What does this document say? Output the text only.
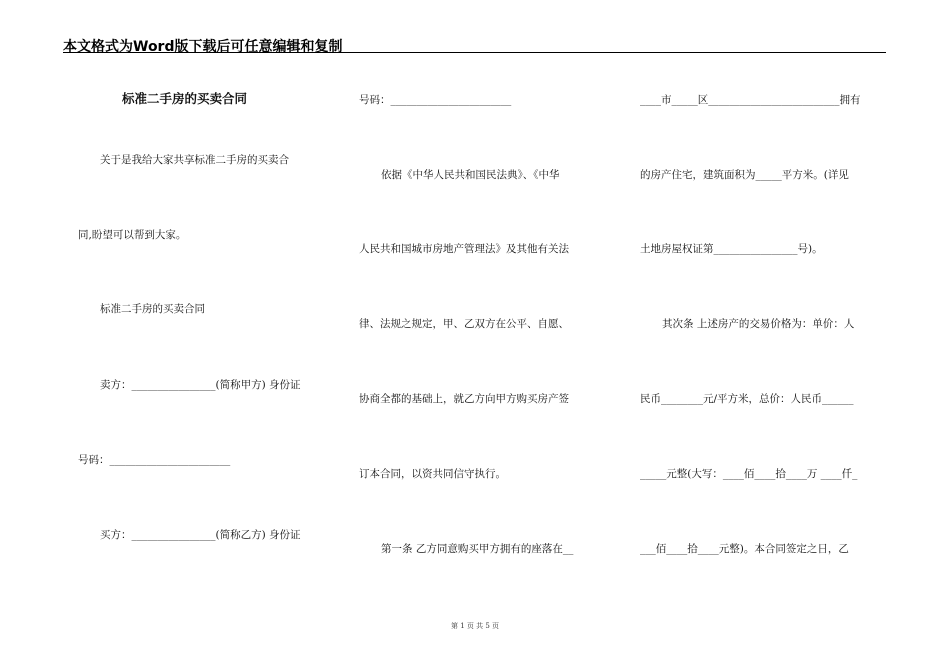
本文格式为Word版下载后可任意编辑和复制
标准二手房的买卖合同
关于是我给大家共享标准二手房的买卖合
同,盼望可以帮到大家。
标准二手房的买卖合同
卖方：________________(简称甲方) 身份证
号码：_______________________
买方：________________(简称乙方) 身份证
号码：_______________________
依据《中华人民共和国民法典》、《中华
人民共和国城市房地产管理法》及其他有关法
律、法规之规定，甲、乙双方在公平、自愿、
协商全都的基础上，就乙方向甲方购买房产签
订本合同，以资共同信守执行。
第一条 乙方同意购买甲方拥有的座落在__
____市_____区_________________________拥有
的房产住宅，建筑面积为_____平方米。(详见
土地房屋权证第________________号)。
其次条 上述房产的交易价格为：单价：人
民币________元/平方米，总价：人民币______
_____元整(大写：____佰____拾____万 ____仟_
___佰____拾____元整)。本合同签定之日，乙
第 1 页 共 5 页
